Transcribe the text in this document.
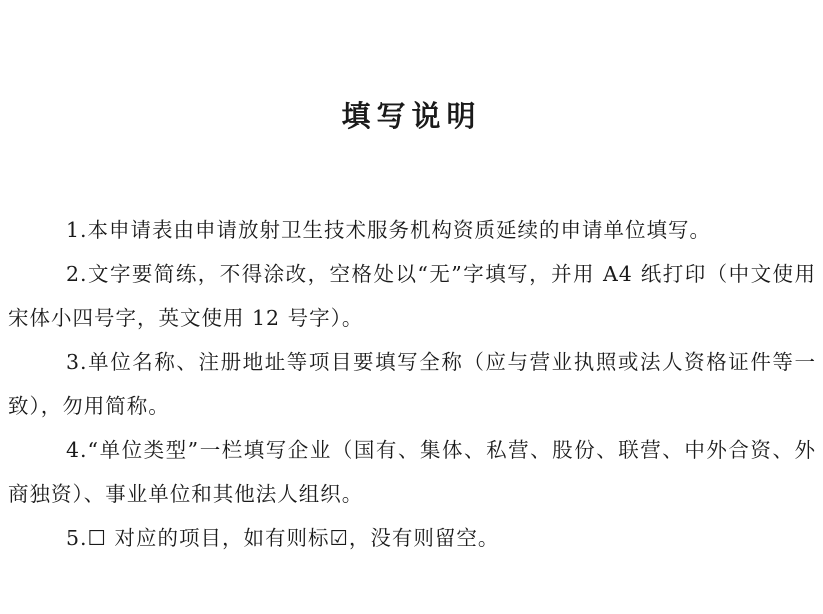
填写说明

1.本申请表由申请放射卫生技术服务机构资质延续的申请单位填写。

2.文字要简练，不得涂改，空格处以“无”字填写，并用 A4 纸打印（中文使用宋体小四号字，英文使用 12 号字）。

3.单位名称、注册地址等项目要填写全称（应与营业执照或法人资格证件等一致），勿用简称。

4.“单位类型”一栏填写企业（国有、集体、私营、股份、联营、中外合资、外商独资）、事业单位和其他法人组织。

5.☐ 对应的项目，如有则标☑，没有则留空。
